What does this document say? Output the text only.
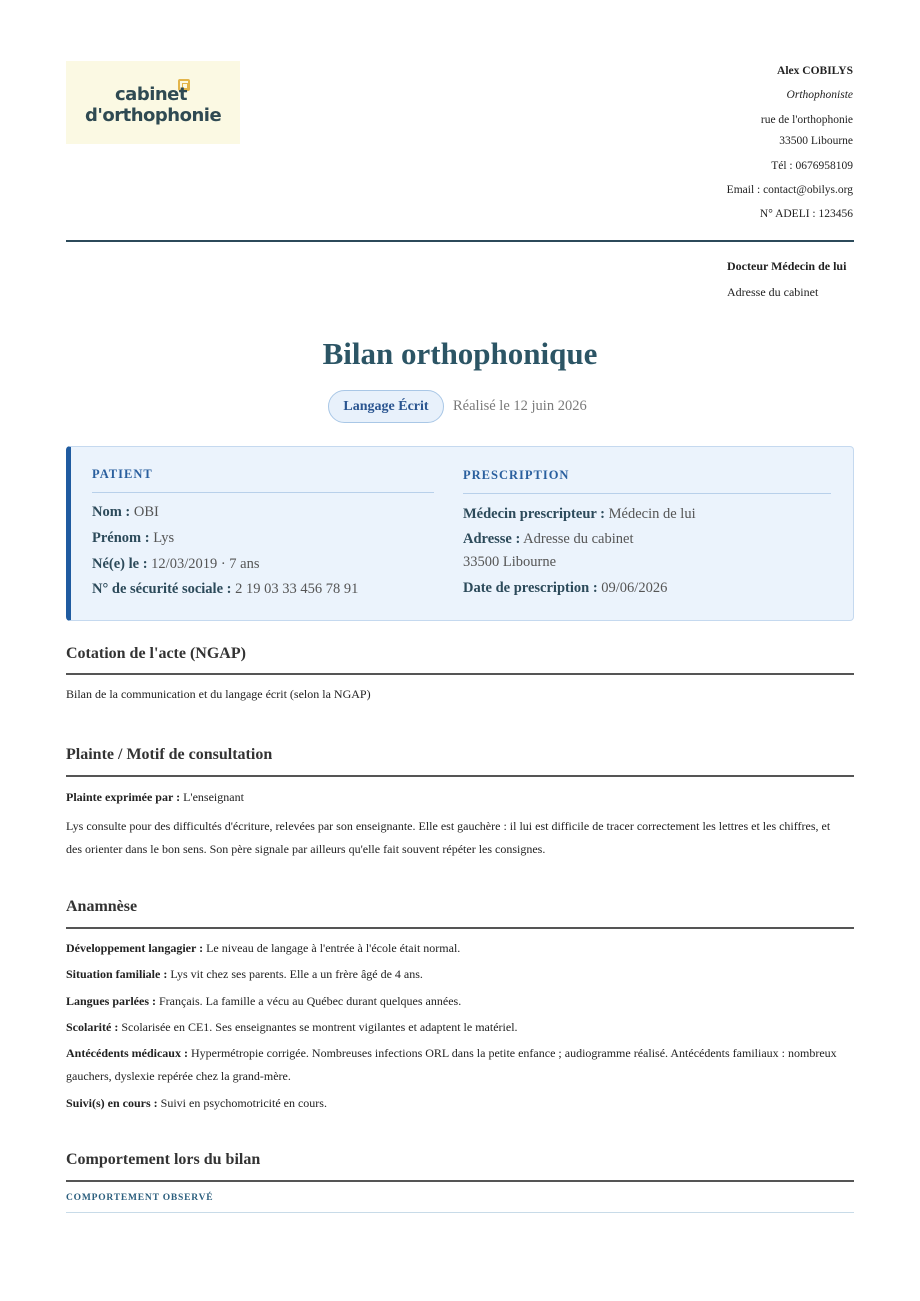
cabinet
d'orthophonie
Alex COBILYS
Orthophoniste
rue de l'orthophonie
33500 Libourne
Tél : 0676958109
Email : contact@obilys.org
N° ADELI : 123456
Docteur Médecin de lui
Adresse du cabinet
Bilan orthophonique
Langage Écrit	Réalisé le 12 juin 2026
PATIENT
Nom : OBI
Prénom : Lys
Né(e) le : 12/03/2019 · 7 ans
N° de sécurité sociale : 2 19 03 33 456 78 91
PRESCRIPTION
Médecin prescripteur : Médecin de lui
Adresse : Adresse du cabinet
33500 Libourne
Date de prescription : 09/06/2026
Cotation de l'acte (NGAP)
Bilan de la communication et du langage écrit (selon la NGAP)
Plainte / Motif de consultation
Plainte exprimée par : L'enseignant
Lys consulte pour des difficultés d'écriture, relevées par son enseignante. Elle est gauchère : il lui est difficile de tracer correctement les lettres et les chiffres, et des orienter dans le bon sens. Son père signale par ailleurs qu'elle fait souvent répéter les consignes.
Anamnèse
Développement langagier : Le niveau de langage à l'entrée à l'école était normal.
Situation familiale : Lys vit chez ses parents. Elle a un frère âgé de 4 ans.
Langues parlées : Français. La famille a vécu au Québec durant quelques années.
Scolarité : Scolarisée en CE1. Ses enseignantes se montrent vigilantes et adaptent le matériel.
Antécédents médicaux : Hypermétropie corrigée. Nombreuses infections ORL dans la petite enfance ; audiogramme réalisé. Antécédents familiaux : nombreux gauchers, dyslexie repérée chez la grand-mère.
Suivi(s) en cours : Suivi en psychomotricité en cours.
Comportement lors du bilan
COMPORTEMENT OBSERVÉ
